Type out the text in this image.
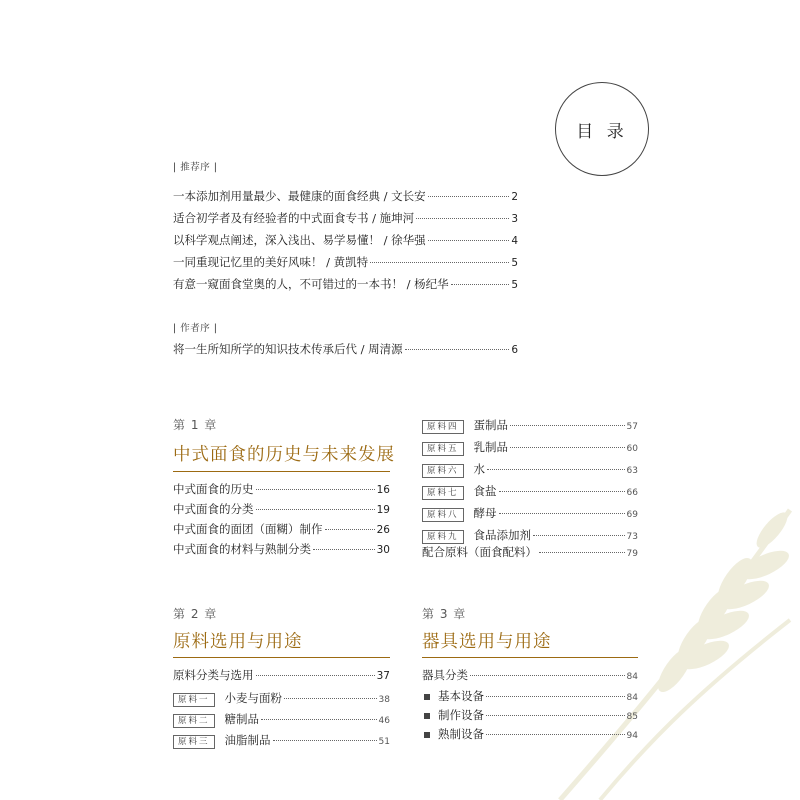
目 录
| 推荐序 |
一本添加剂用量最少、最健康的面食经典 / 文长安	2
适合初学者及有经验者的中式面食专书 / 施坤河	3
以科学观点阐述，深入浅出、易学易懂！ / 徐华强	4
一同重现记忆里的美好风味！ / 黄凯特	5
有意一窥面食堂奥的人，不可错过的一本书！ / 杨纪华	5
| 作者序 |
将一生所知所学的知识技术传承后代 / 周清源	6
第 1 章
中式面食的历史与未来发展
中式面食的历史	16
中式面食的分类	19
中式面食的面团（面糊）制作	26
中式面食的材料与熟制分类	30
原料四	蛋制品	57
原料五	乳制品	60
原料六	水	63
原料七	食盐	66
原料八	酵母	69
原料九	食品添加剂	73
配合原料（面食配料）	79
第 2 章
原料选用与用途
原料分类与选用	37
原料一	小麦与面粉	38
原料二	糖制品	46
原料三	油脂制品	51
第 3 章
器具选用与用途
器具分类	84
基本设备	84
制作设备	85
熟制设备	94
